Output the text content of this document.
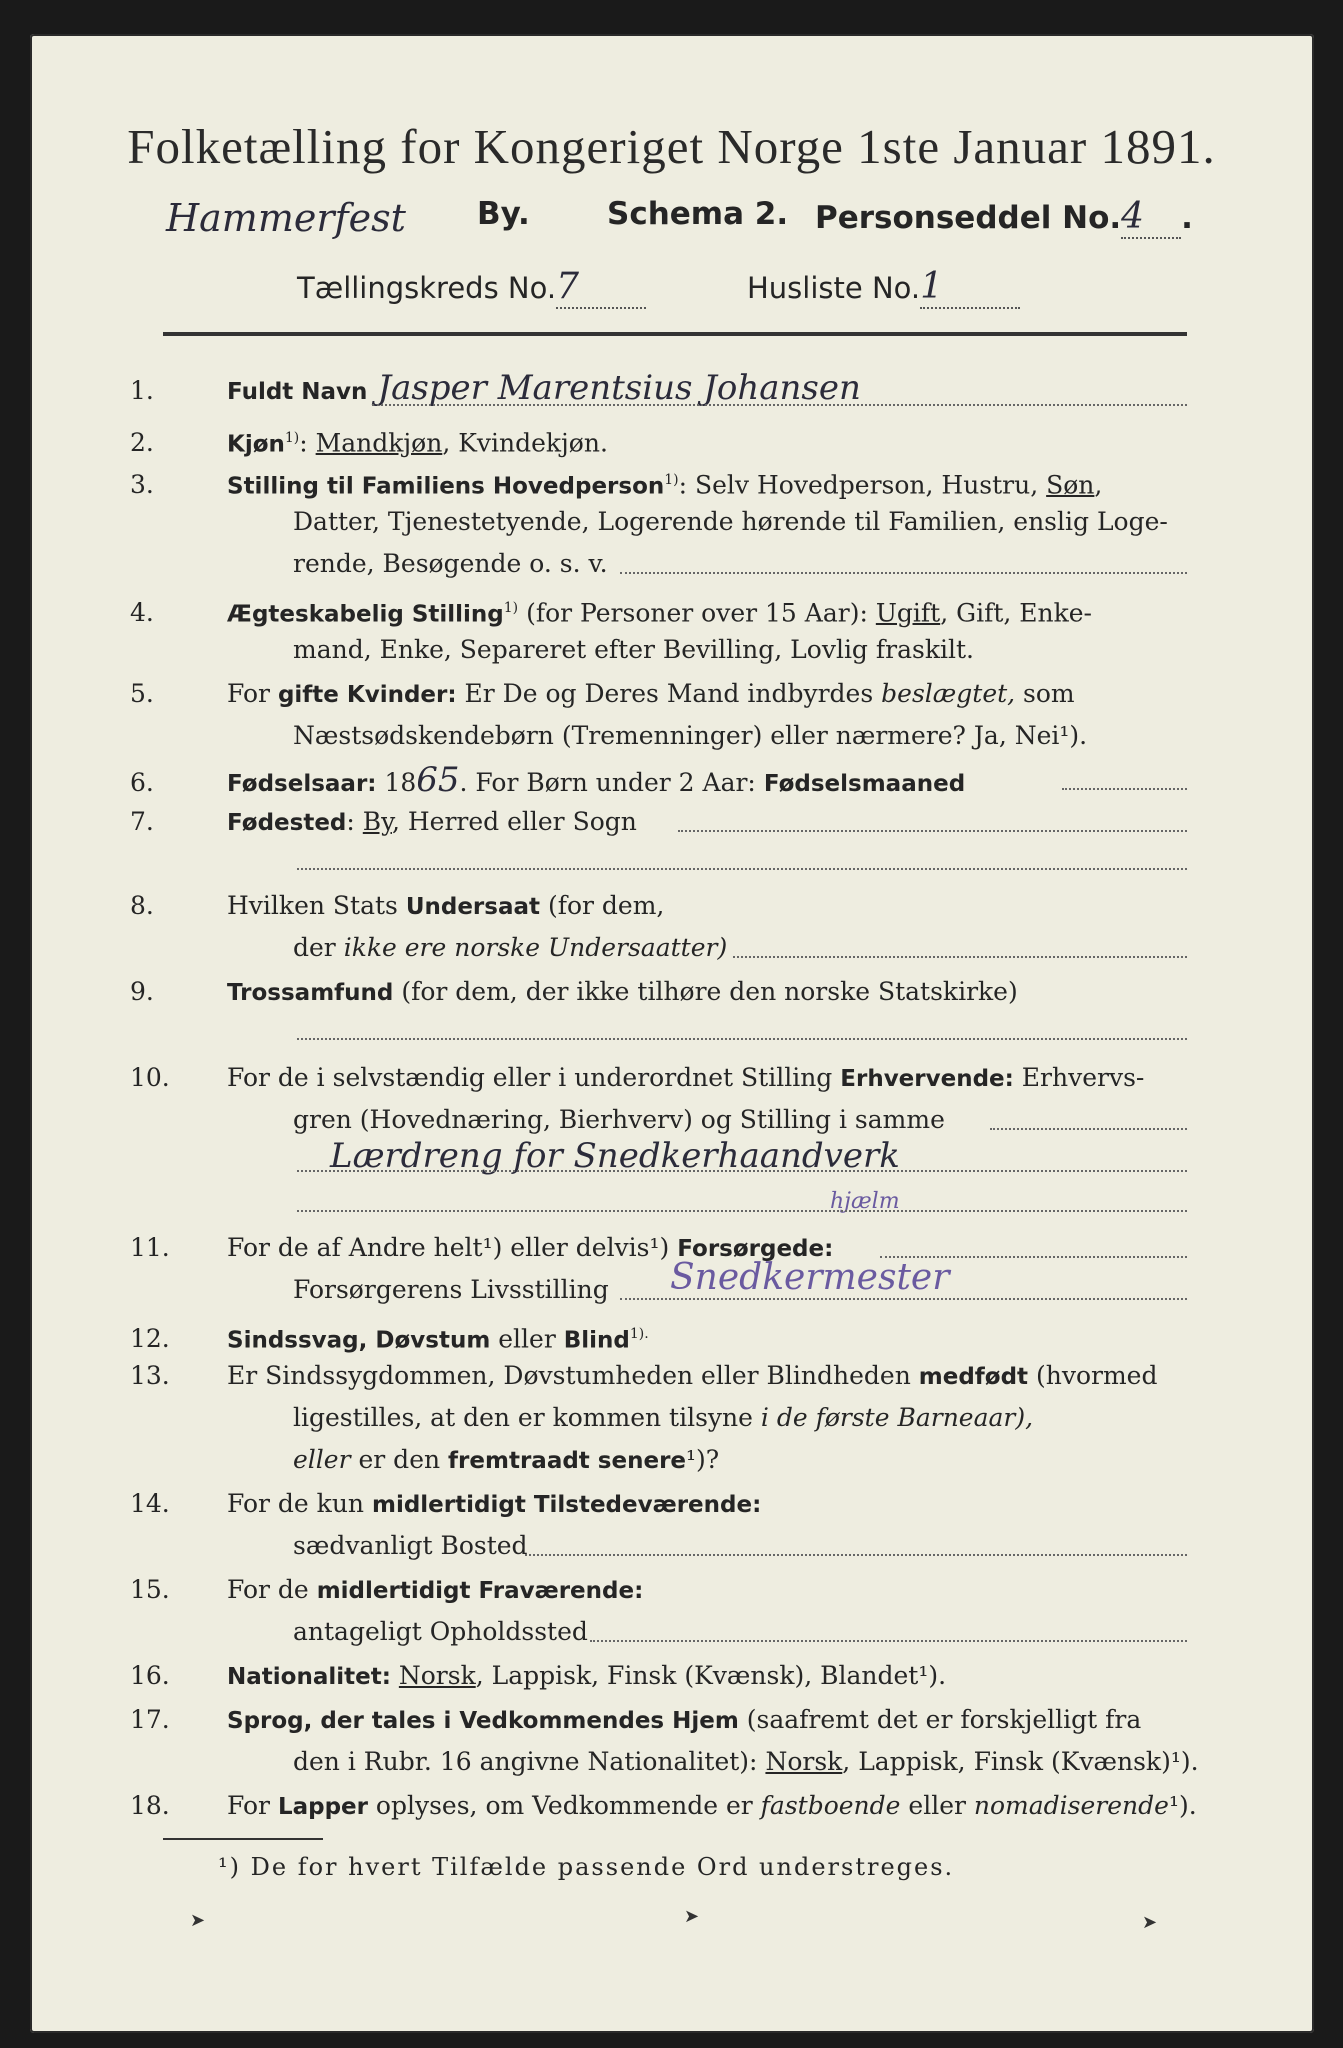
Folketælling for Kongeriget Norge 1ste Januar 1891.
Hammerfest By. Schema 2. Personseddel No.4 .
Tællingskreds No.7	Husliste No.1
1.	Fuldt Navn Jasper Marentsius Johansen
2.	Kjøn$^{1)}$: Mandkjøn, Kvindekjøn.
3.	Stilling til Familiens Hovedperson$^{1)}$: Selv Hovedperson, Hustru, Søn,
Datter, Tjenestetyende, Logerende hørende til Familien, enslig Loge-
rende, Besøgende o. s. v.
4.	Ægteskabelig Stilling$^{1)}$ (for Personer over 15 Aar): Ugift, Gift, Enke-
mand, Enke, Separeret efter Bevilling, Lovlig fraskilt.
5.	For gifte Kvinder: Er De og Deres Mand indbyrdes beslægtet, som
Næstsødskendebørn (Tremenninger) eller nærmere? Ja, Nei¹).
6.	Fødselsaar: 1865. For Børn under 2 Aar: Fødselsmaaned
7.	Fødested: By, Herred eller Sogn
8.	Hvilken Stats Undersaat (for dem,
der ikke ere norske Undersaatter)
9.	Trossamfund (for dem, der ikke tilhøre den norske Statskirke)
10. For de i selvstændig eller i underordnet Stilling Erhvervende: Erhvervs-
gren (Hovednæring, Bierhverv) og Stilling i samme
Lærdreng for Snedkerhaandverk
hjælm
11. For de af Andre helt¹) eller delvis¹) Forsørgede:
Forsørgerens Livsstilling Snedkermester
12. Sindssvag, Døvstum eller Blind$^{1).}$
13. Er Sindssygdommen, Døvstumheden eller Blindheden medfødt (hvormed
ligestilles, at den er kommen tilsyne i de første Barneaar),
eller er den fremtraadt senere¹)?
14. For de kun midlertidigt Tilstedeværende:
sædvanligt Bosted
15. For de midlertidigt Fraværende:
antageligt Opholdssted
16. Nationalitet: Norsk, Lappisk, Finsk (Kvænsk), Blandet¹).
17. Sprog, der tales i Vedkommendes Hjem (saafremt det er forskjelligt fra
den i Rubr. 16 angivne Nationalitet): Norsk, Lappisk, Finsk (Kvænsk)¹).
18. For Lapper oplyses, om Vedkommende er fastboende eller nomadiserende¹).
¹) De for hvert Tilfælde passende Ord understreges.
➤	➤	➤
